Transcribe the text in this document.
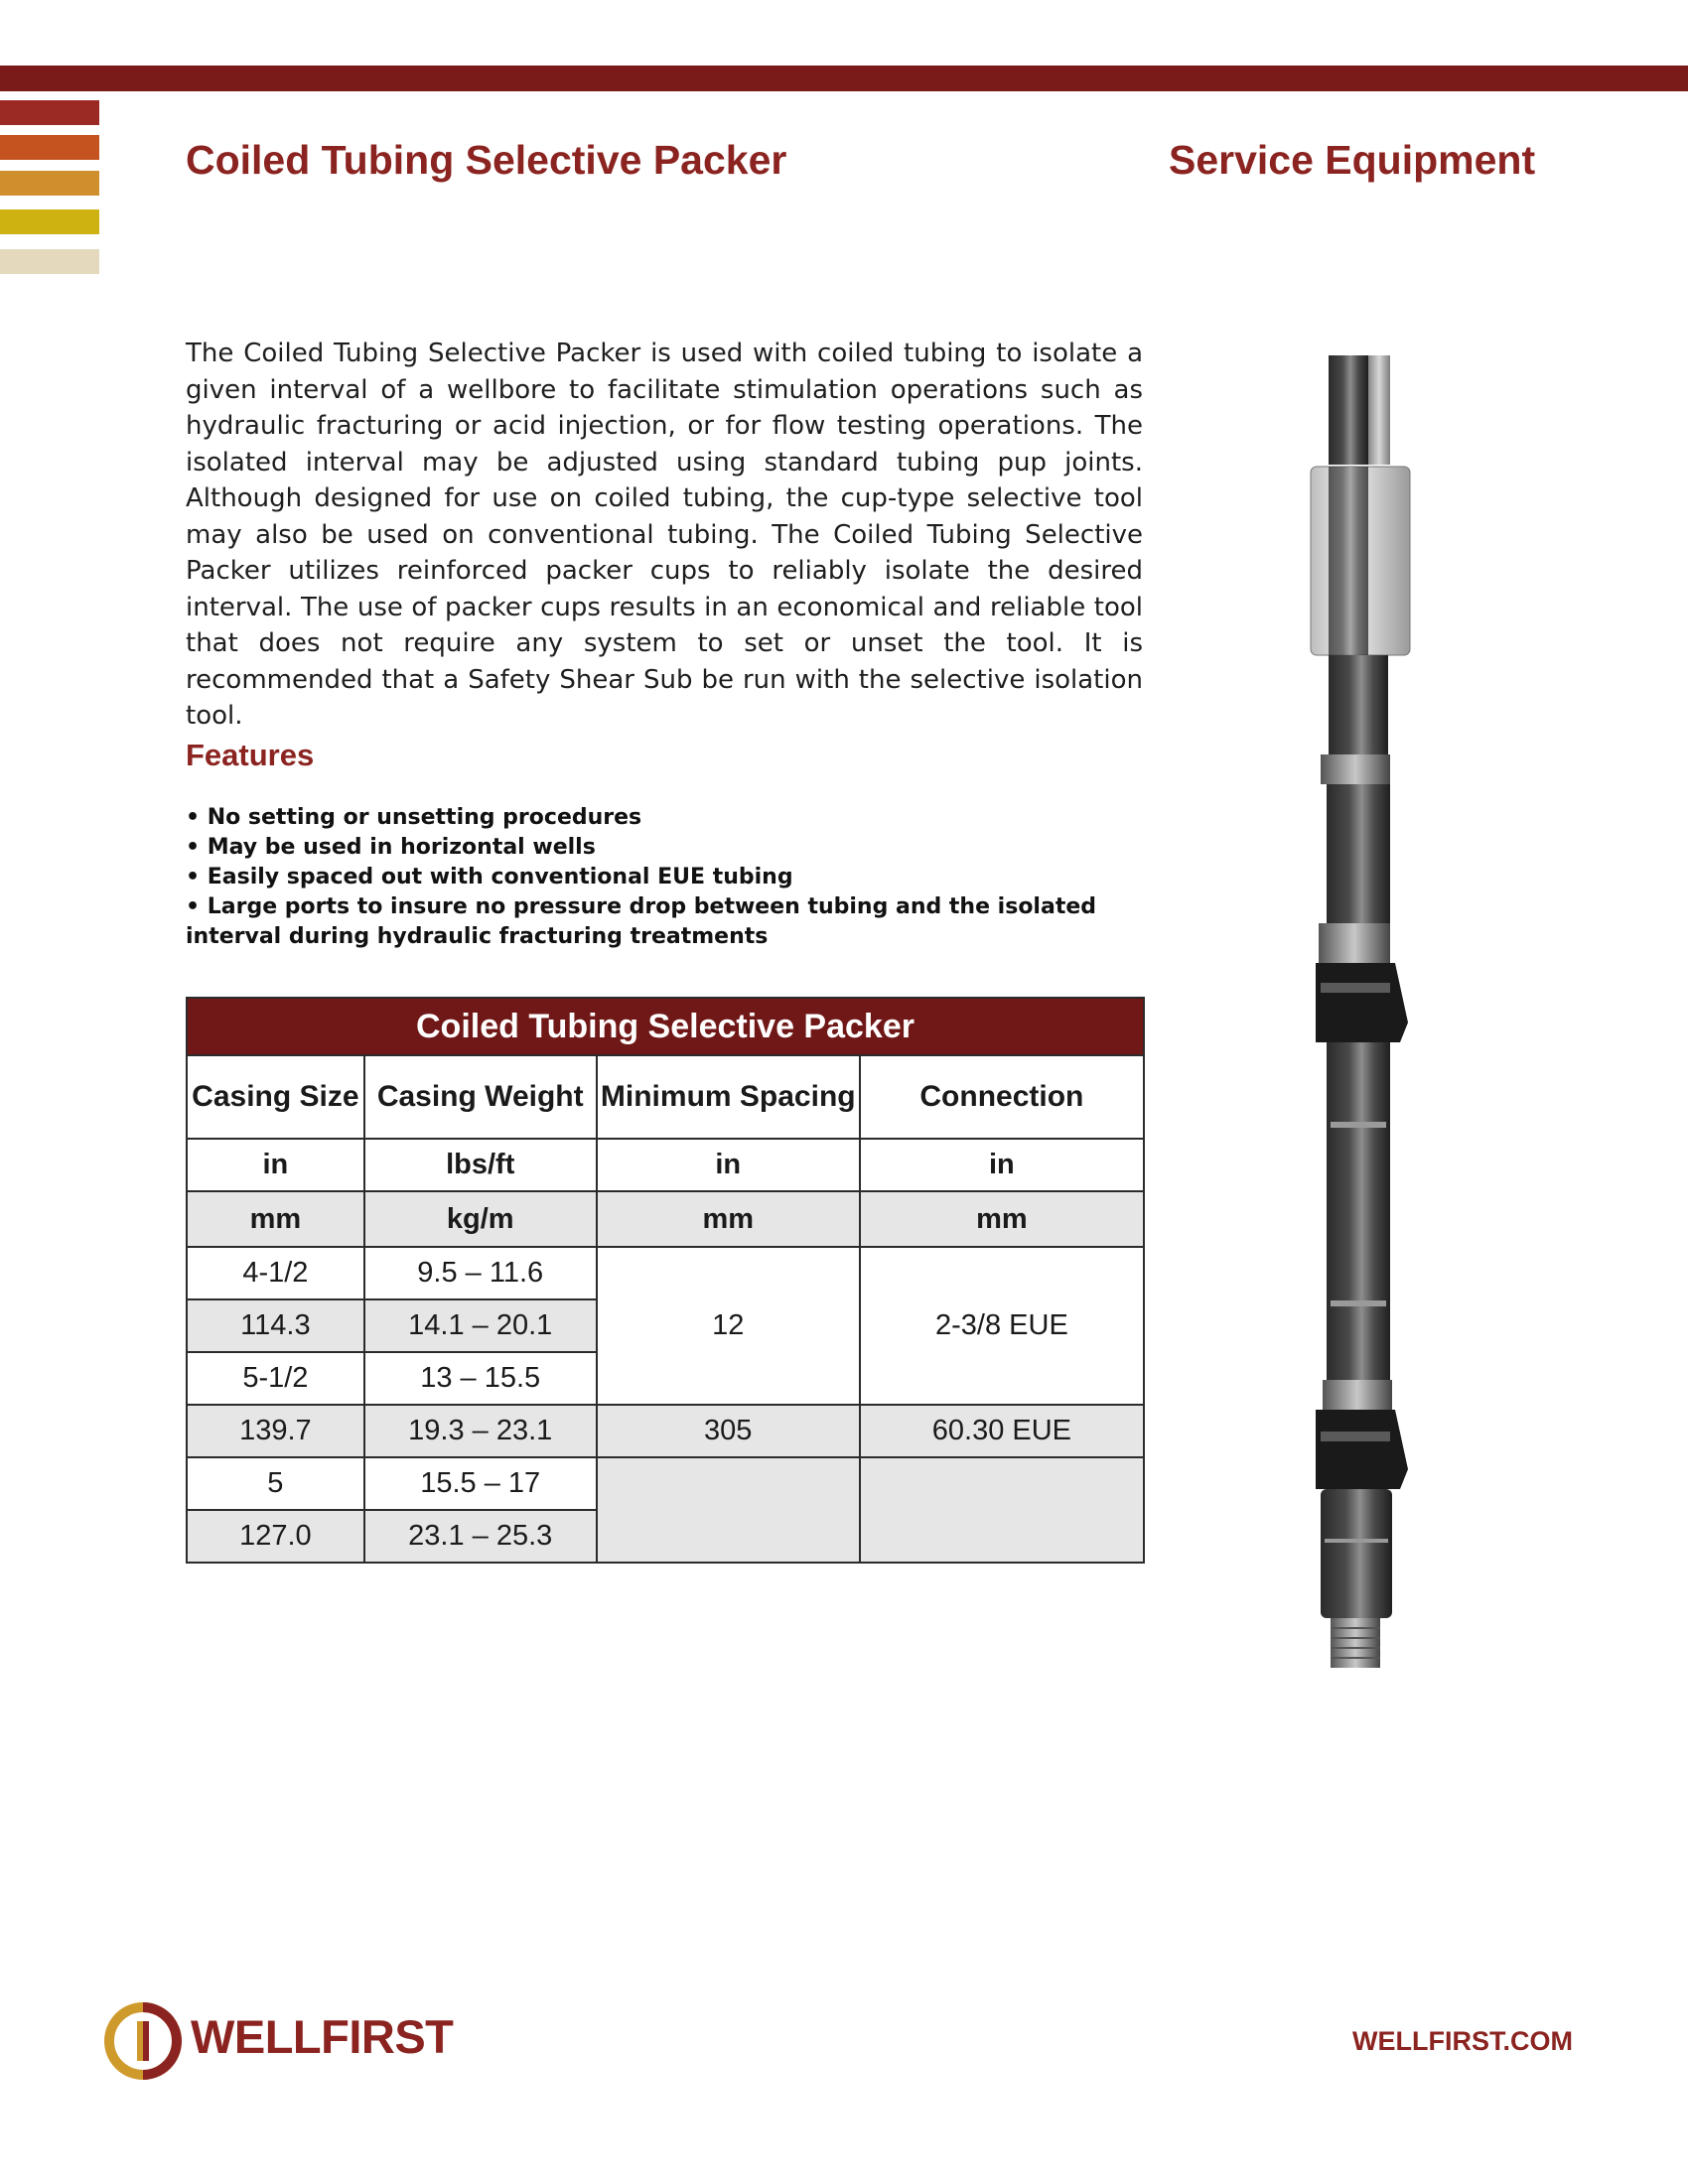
Coiled Tubing Selective Packer	Service Equipment

The Coiled Tubing Selective Packer is used with coiled tubing to isolate a given interval of a wellbore to facilitate stimulation operations such as hydraulic fracturing or acid injection, or for flow testing operations. The isolated interval may be adjusted using standard tubing pup joints. Although designed for use on coiled tubing, the cup-type selective tool may also be used on conventional tubing. The Coiled Tubing Selective Packer utilizes reinforced packer cups to reliably isolate the desired interval. The use of packer cups results in an economical and reliable tool that does not require any system to set or unset the tool. It is recommended that a Safety Shear Sub be run with the selective isolation tool.

Features
• No setting or unsetting procedures
• May be used in horizontal wells
• Easily spaced out with conventional EUE tubing
• Large ports to insure no pressure drop between tubing and the isolated interval during hydraulic fracturing treatments
Coiled Tubing Selective Packer			
Casing Size	Casing Weight	Minimum Spacing	Connection
in	lbs/ft	in	in
mm	kg/m	mm	mm
4-1/2	9.5 – 11.6	12	2-3/8 EUE
114.3	14.1 – 20.1		
5-1/2	13 – 15.5		
139.7	19.3 – 23.1	305	60.30 EUE
5	15.5 – 17		
127.0	23.1 – 25.3		
WELLFIRST	WELLFIRST.COM
